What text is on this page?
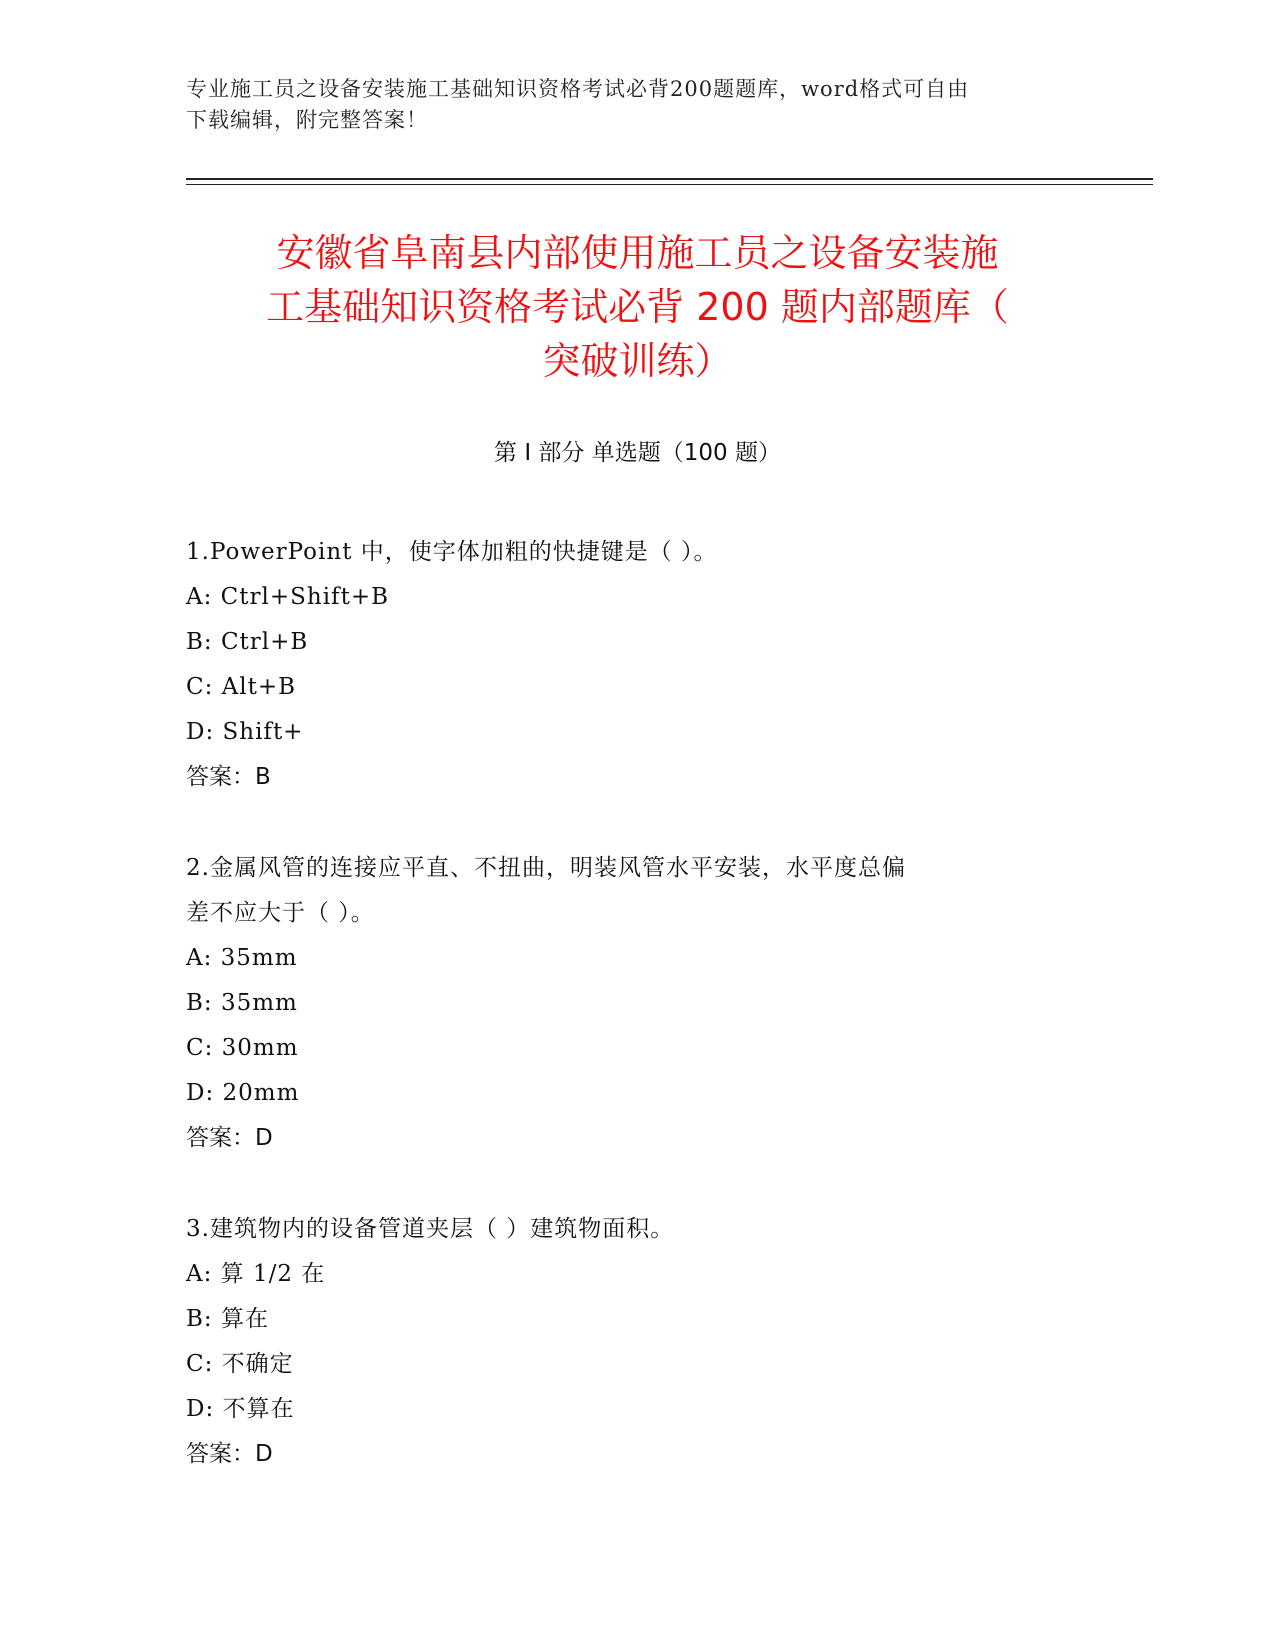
专业施工员之设备安装施工基础知识资格考试必背200题题库，word格式可自由
下载编辑，附完整答案！
安徽省阜南县内部使用施工员之设备安装施
工基础知识资格考试必背 200 题内部题库（
突破训练）
第 I 部分 单选题（100 题）
1.PowerPoint 中，使字体加粗的快捷键是（ ）。
A: Ctrl+Shift+B
B: Ctrl+B
C: Alt+B
D: Shift+
答案：B
2.金属风管的连接应平直、不扭曲，明装风管水平安装，水平度总偏
差不应大于（ ）。
A: 35mm
B: 35mm
C: 30mm
D: 20mm
答案：D
3.建筑物内的设备管道夹层（ ）建筑物面积。
A: 算 1/2 在
B: 算在
C: 不确定
D: 不算在
答案：D
